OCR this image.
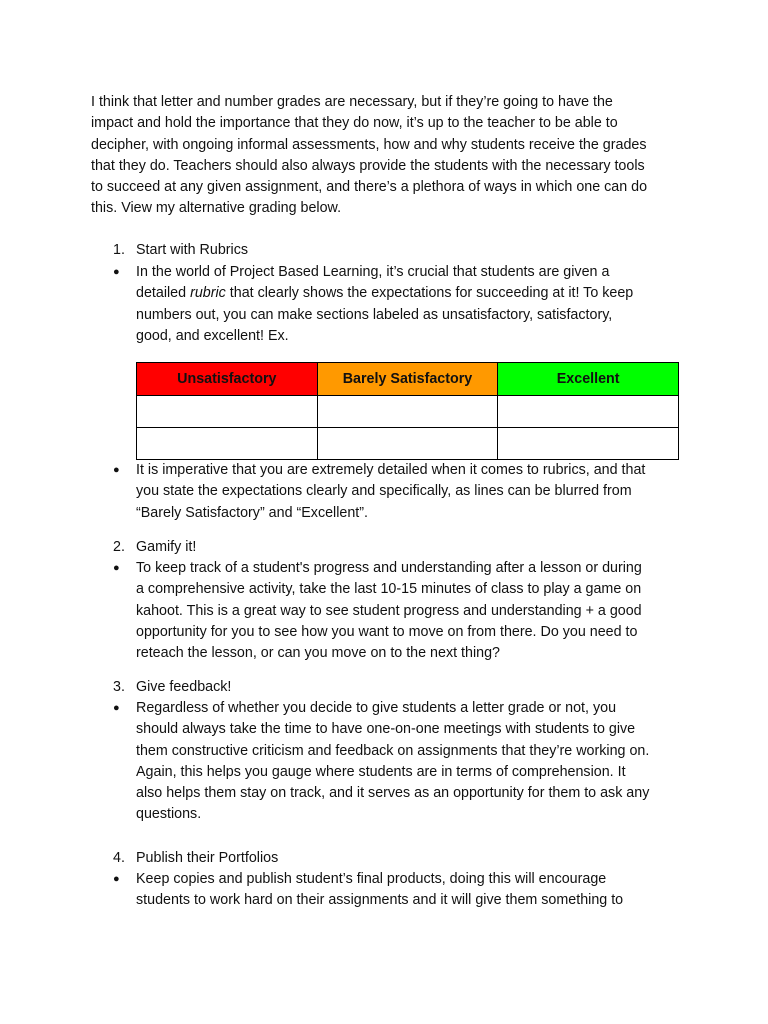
I think that letter and number grades are necessary, but if they’re going to have the
impact and hold the importance that they do now, it’s up to the teacher to be able to
decipher, with ongoing informal assessments, how and why students receive the grades
that they do. Teachers should also always provide the students with the necessary tools
to succeed at any given assignment, and there’s a plethora of ways in which one can do
this. View my alternative grading below.

1. Start with Rubrics
● In the world of Project Based Learning, it’s crucial that students are given a
detailed rubric that clearly shows the expectations for succeeding at it! To keep
numbers out, you can make sections labeled as unsatisfactory, satisfactory,
good, and excellent! Ex.
Unsatisfactory	Barely Satisfactory	Excellent

● It is imperative that you are extremely detailed when it comes to rubrics, and that
you state the expectations clearly and specifically, as lines can be blurred from
“Barely Satisfactory” and “Excellent”.
2. Gamify it!
● To keep track of a student's progress and understanding after a lesson or during
a comprehensive activity, take the last 10-15 minutes of class to play a game on
kahoot. This is a great way to see student progress and understanding + a good
opportunity for you to see how you want to move on from there. Do you need to
reteach the lesson, or can you move on to the next thing?
3. Give feedback!
● Regardless of whether you decide to give students a letter grade or not, you
should always take the time to have one-on-one meetings with students to give
them constructive criticism and feedback on assignments that they’re working on.
Again, this helps you gauge where students are in terms of comprehension. It
also helps them stay on track, and it serves as an opportunity for them to ask any
questions.
4. Publish their Portfolios
● Keep copies and publish student’s final products, doing this will encourage
students to work hard on their assignments and it will give them something to
